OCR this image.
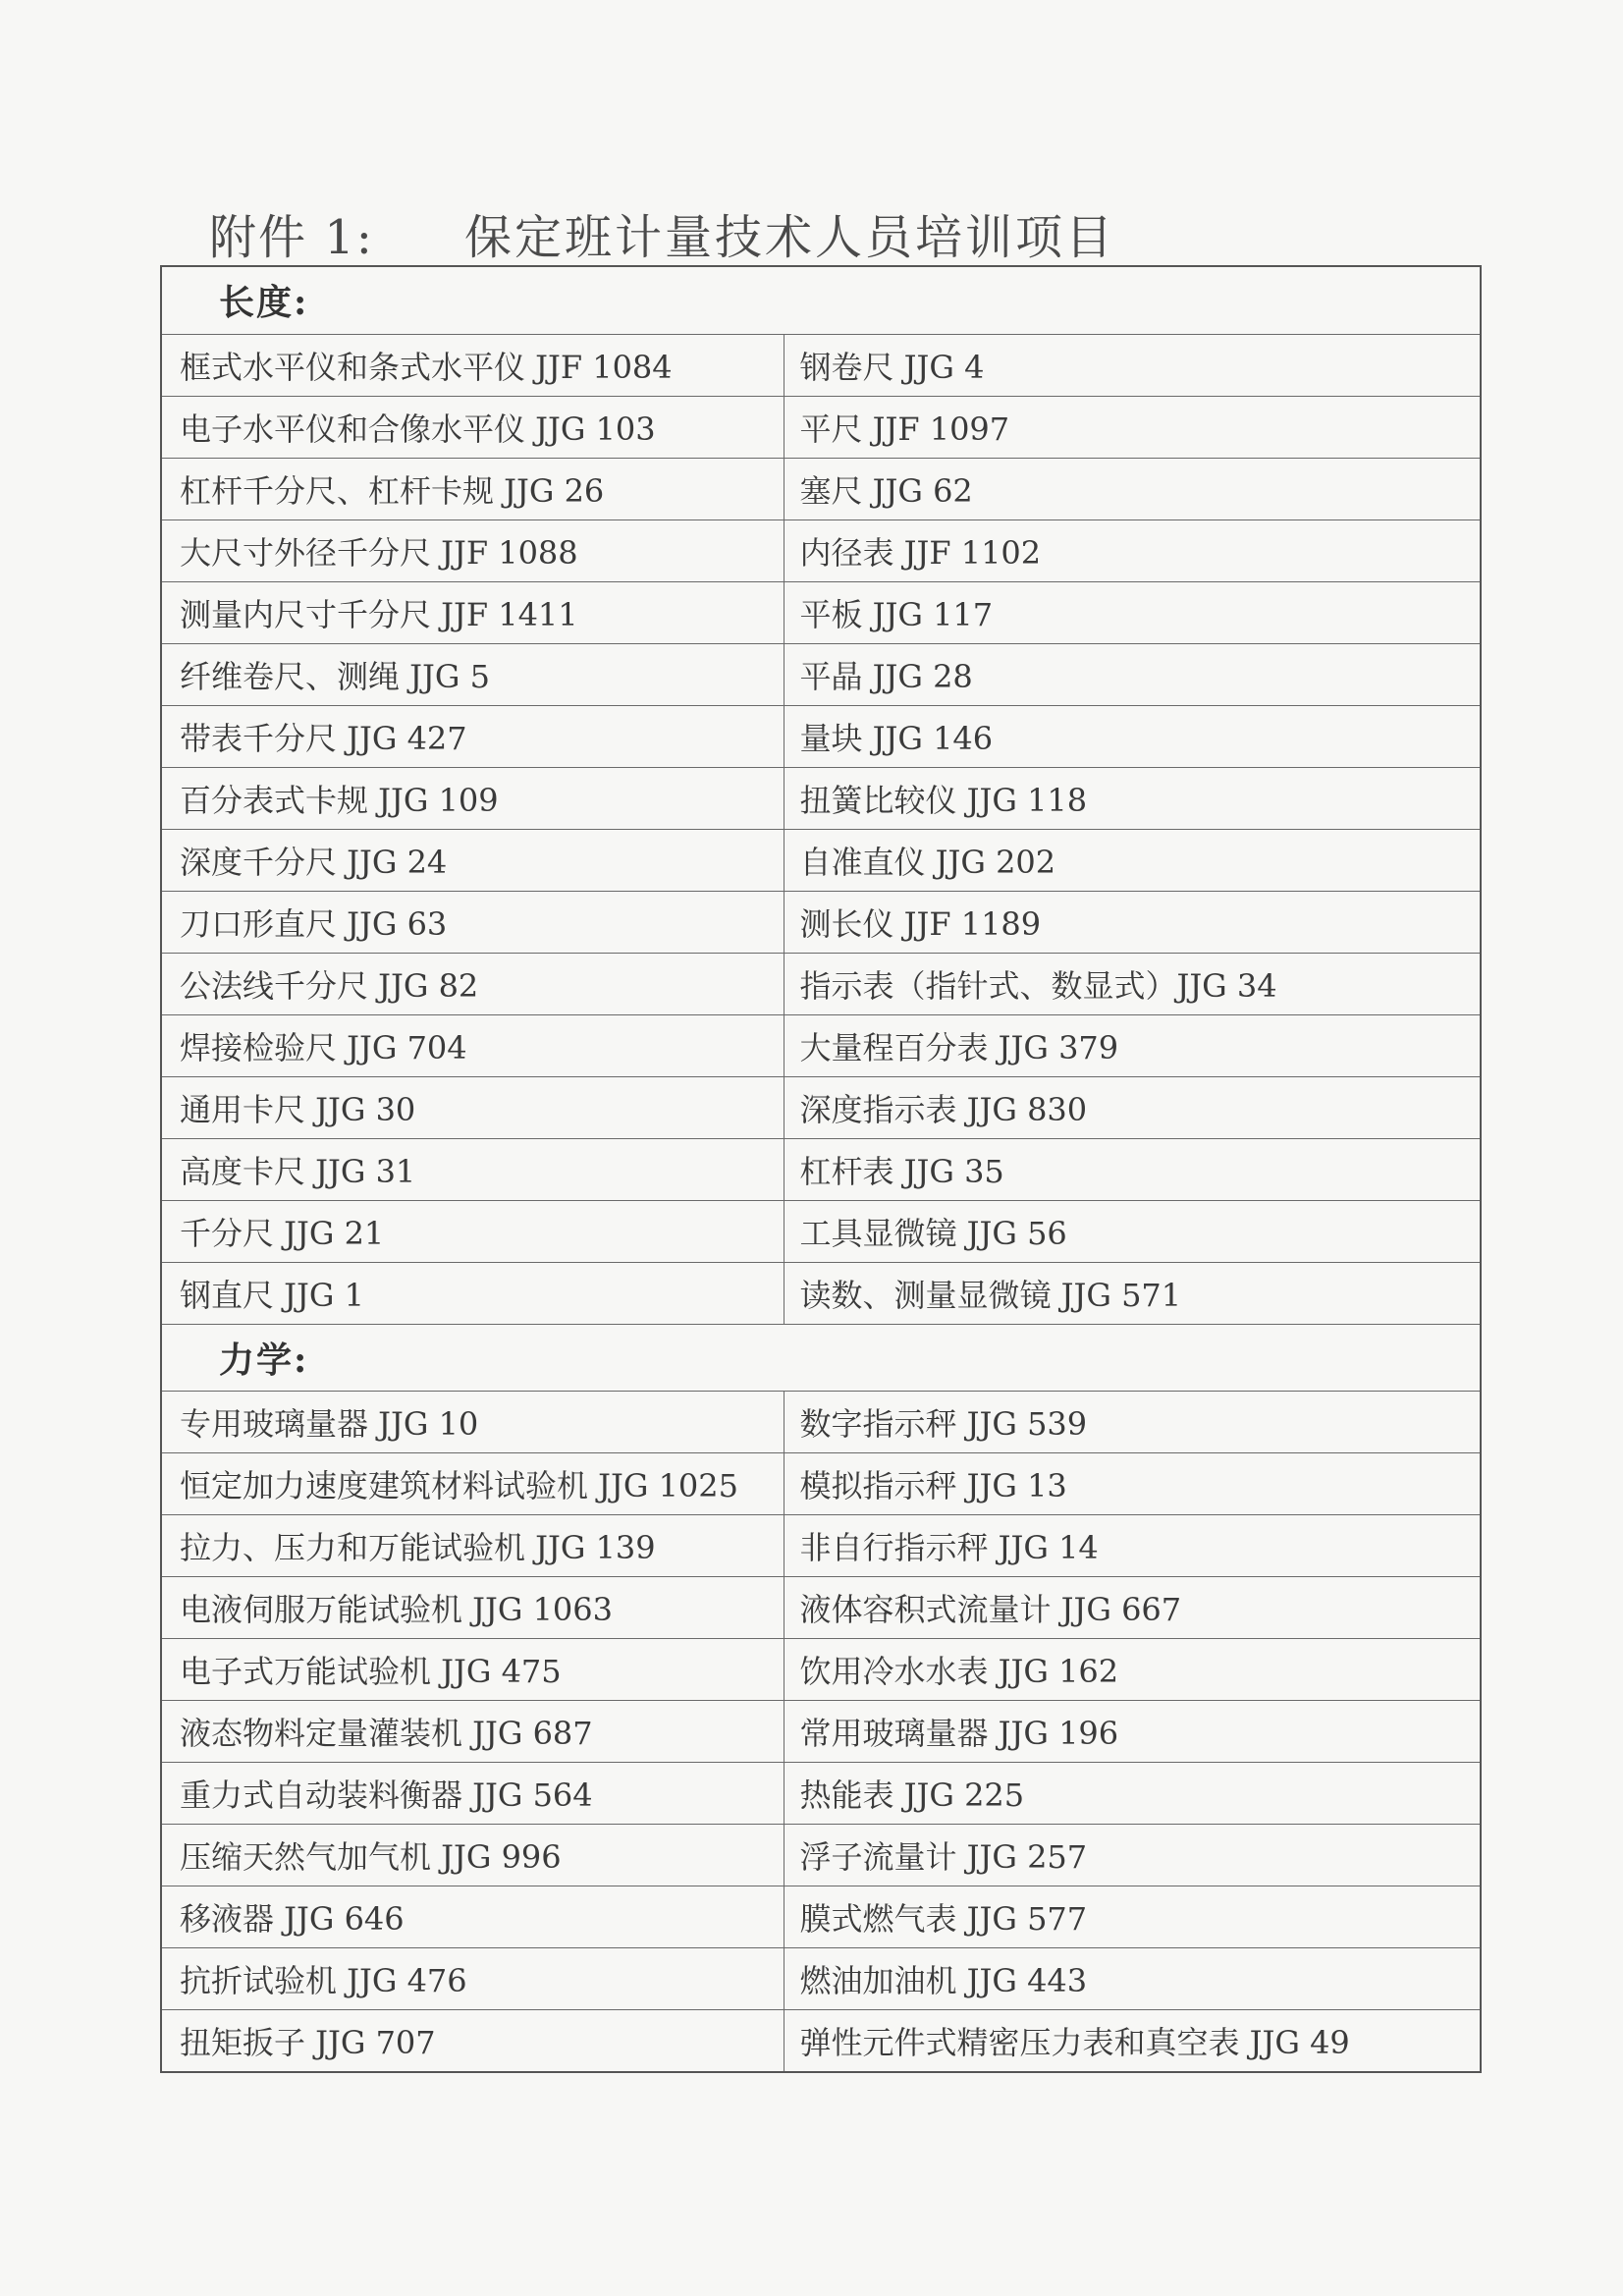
附件 1:	保定班计量技术人员培训项目
长度:	
框式水平仪和条式水平仪 JJF 1084	钢卷尺 JJG 4
电子水平仪和合像水平仪 JJG 103	平尺 JJF 1097
杠杆千分尺、杠杆卡规 JJG 26	塞尺 JJG 62
大尺寸外径千分尺 JJF 1088	内径表 JJF 1102
测量内尺寸千分尺 JJF 1411	平板 JJG 117
纤维卷尺、测绳 JJG 5	平晶 JJG 28
带表千分尺 JJG 427	量块 JJG 146
百分表式卡规 JJG 109	扭簧比较仪 JJG 118
深度千分尺 JJG 24	自准直仪 JJG 202
刀口形直尺 JJG 63	测长仪 JJF 1189
公法线千分尺 JJG 82	指示表（指针式、数显式）JJG 34
焊接检验尺 JJG 704	大量程百分表 JJG 379
通用卡尺 JJG 30	深度指示表 JJG 830
高度卡尺 JJG 31	杠杆表 JJG 35
千分尺 JJG 21	工具显微镜 JJG 56
钢直尺 JJG 1	读数、测量显微镜 JJG 571
力学:	
专用玻璃量器 JJG 10	数字指示秤 JJG 539
恒定加力速度建筑材料试验机 JJG 1025	模拟指示秤 JJG 13
拉力、压力和万能试验机 JJG 139	非自行指示秤 JJG 14
电液伺服万能试验机 JJG 1063	液体容积式流量计 JJG 667
电子式万能试验机 JJG 475	饮用冷水水表 JJG 162
液态物料定量灌装机 JJG 687	常用玻璃量器 JJG 196
重力式自动装料衡器 JJG 564	热能表 JJG 225
压缩天然气加气机 JJG 996	浮子流量计 JJG 257
移液器 JJG 646	膜式燃气表 JJG 577
抗折试验机 JJG 476	燃油加油机 JJG 443
扭矩扳子 JJG 707	弹性元件式精密压力表和真空表 JJG 49
